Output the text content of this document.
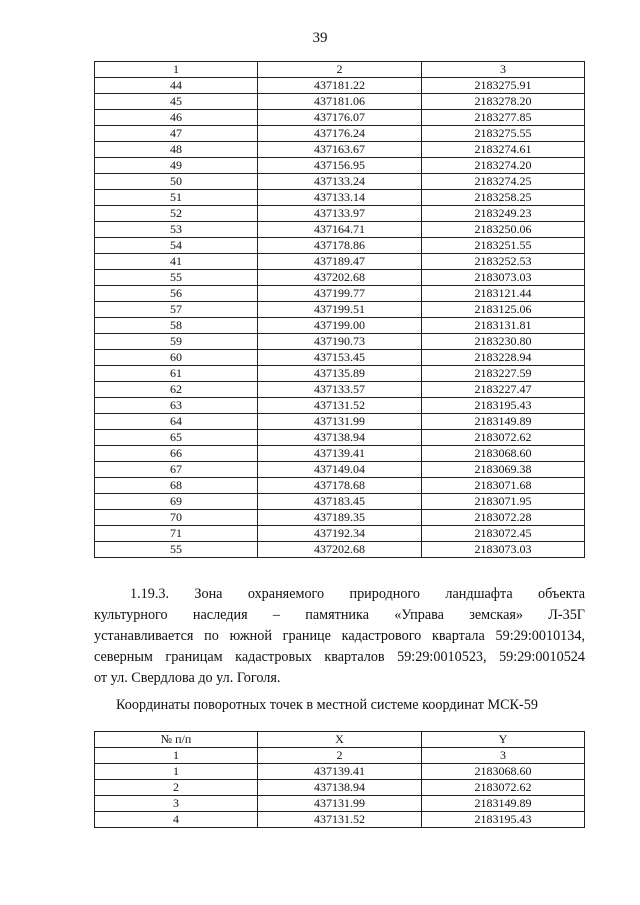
39
1	2	3
44	437181.22	2183275.91
45	437181.06	2183278.20
46	437176.07	2183277.85
47	437176.24	2183275.55
48	437163.67	2183274.61
49	437156.95	2183274.20
50	437133.24	2183274.25
51	437133.14	2183258.25
52	437133.97	2183249.23
53	437164.71	2183250.06
54	437178.86	2183251.55
41	437189.47	2183252.53
55	437202.68	2183073.03
56	437199.77	2183121.44
57	437199.51	2183125.06
58	437199.00	2183131.81
59	437190.73	2183230.80
60	437153.45	2183228.94
61	437135.89	2183227.59
62	437133.57	2183227.47
63	437131.52	2183195.43
64	437131.99	2183149.89
65	437138.94	2183072.62
66	437139.41	2183068.60
67	437149.04	2183069.38
68	437178.68	2183071.68
69	437183.45	2183071.95
70	437189.35	2183072.28
71	437192.34	2183072.45
55	437202.68	2183073.03
1.19.3. Зона охраняемого природного ландшафта объекта
культурного наследия – памятника «Управа земская» Л-35Г
устанавливается по южной границе кадастрового квартала 59:29:0010134,
северным границам кадастровых кварталов 59:29:0010523, 59:29:0010524
от ул. Свердлова до ул. Гоголя.
Координаты поворотных точек в местной системе координат МСК-59
№ п/п	X	Y
1	2	3
1	437139.41	2183068.60
2	437138.94	2183072.62
3	437131.99	2183149.89
4	437131.52	2183195.43
